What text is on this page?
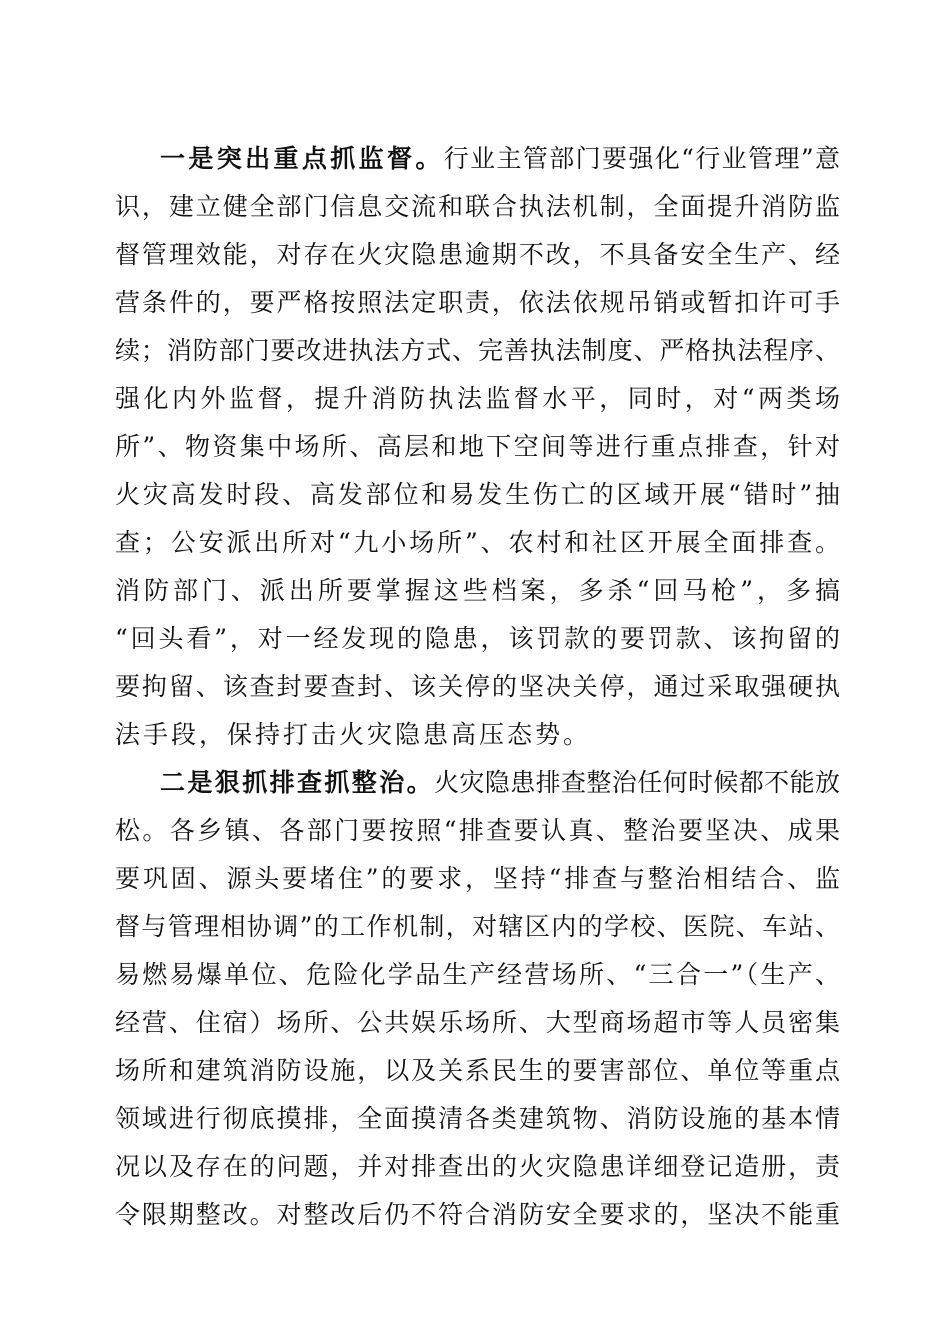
一是突出重点抓监督。行业主管部门要强化“行业管理”意
识，建立健全部门信息交流和联合执法机制，全面提升消防监
督管理效能，对存在火灾隐患逾期不改，不具备安全生产、经
营条件的，要严格按照法定职责，依法依规吊销或暂扣许可手
续；消防部门要改进执法方式、完善执法制度、严格执法程序、
强化内外监督，提升消防执法监督水平，同时，对“两类场
所”、物资集中场所、高层和地下空间等进行重点排查，针对
火灾高发时段、高发部位和易发生伤亡的区域开展“错时”抽
查；公安派出所对“九小场所”、农村和社区开展全面排查。
消防部门、派出所要掌握这些档案，多杀“回马枪”，多搞
“回头看”，对一经发现的隐患，该罚款的要罚款、该拘留的
要拘留、该查封要查封、该关停的坚决关停，通过采取强硬执
法手段，保持打击火灾隐患高压态势。
二是狠抓排查抓整治。火灾隐患排查整治任何时候都不能放
松。各乡镇、各部门要按照“排查要认真、整治要坚决、成果
要巩固、源头要堵住”的要求，坚持“排查与整治相结合、监
督与管理相协调”的工作机制，对辖区内的学校、医院、车站、
易燃易爆单位、危险化学品生产经营场所、“三合一”（生产、
经营、住宿）场所、公共娱乐场所、大型商场超市等人员密集
场所和建筑消防设施，以及关系民生的要害部位、单位等重点
领域进行彻底摸排，全面摸清各类建筑物、消防设施的基本情
况以及存在的问题，并对排查出的火灾隐患详细登记造册，责
令限期整改。对整改后仍不符合消防安全要求的，坚决不能重
